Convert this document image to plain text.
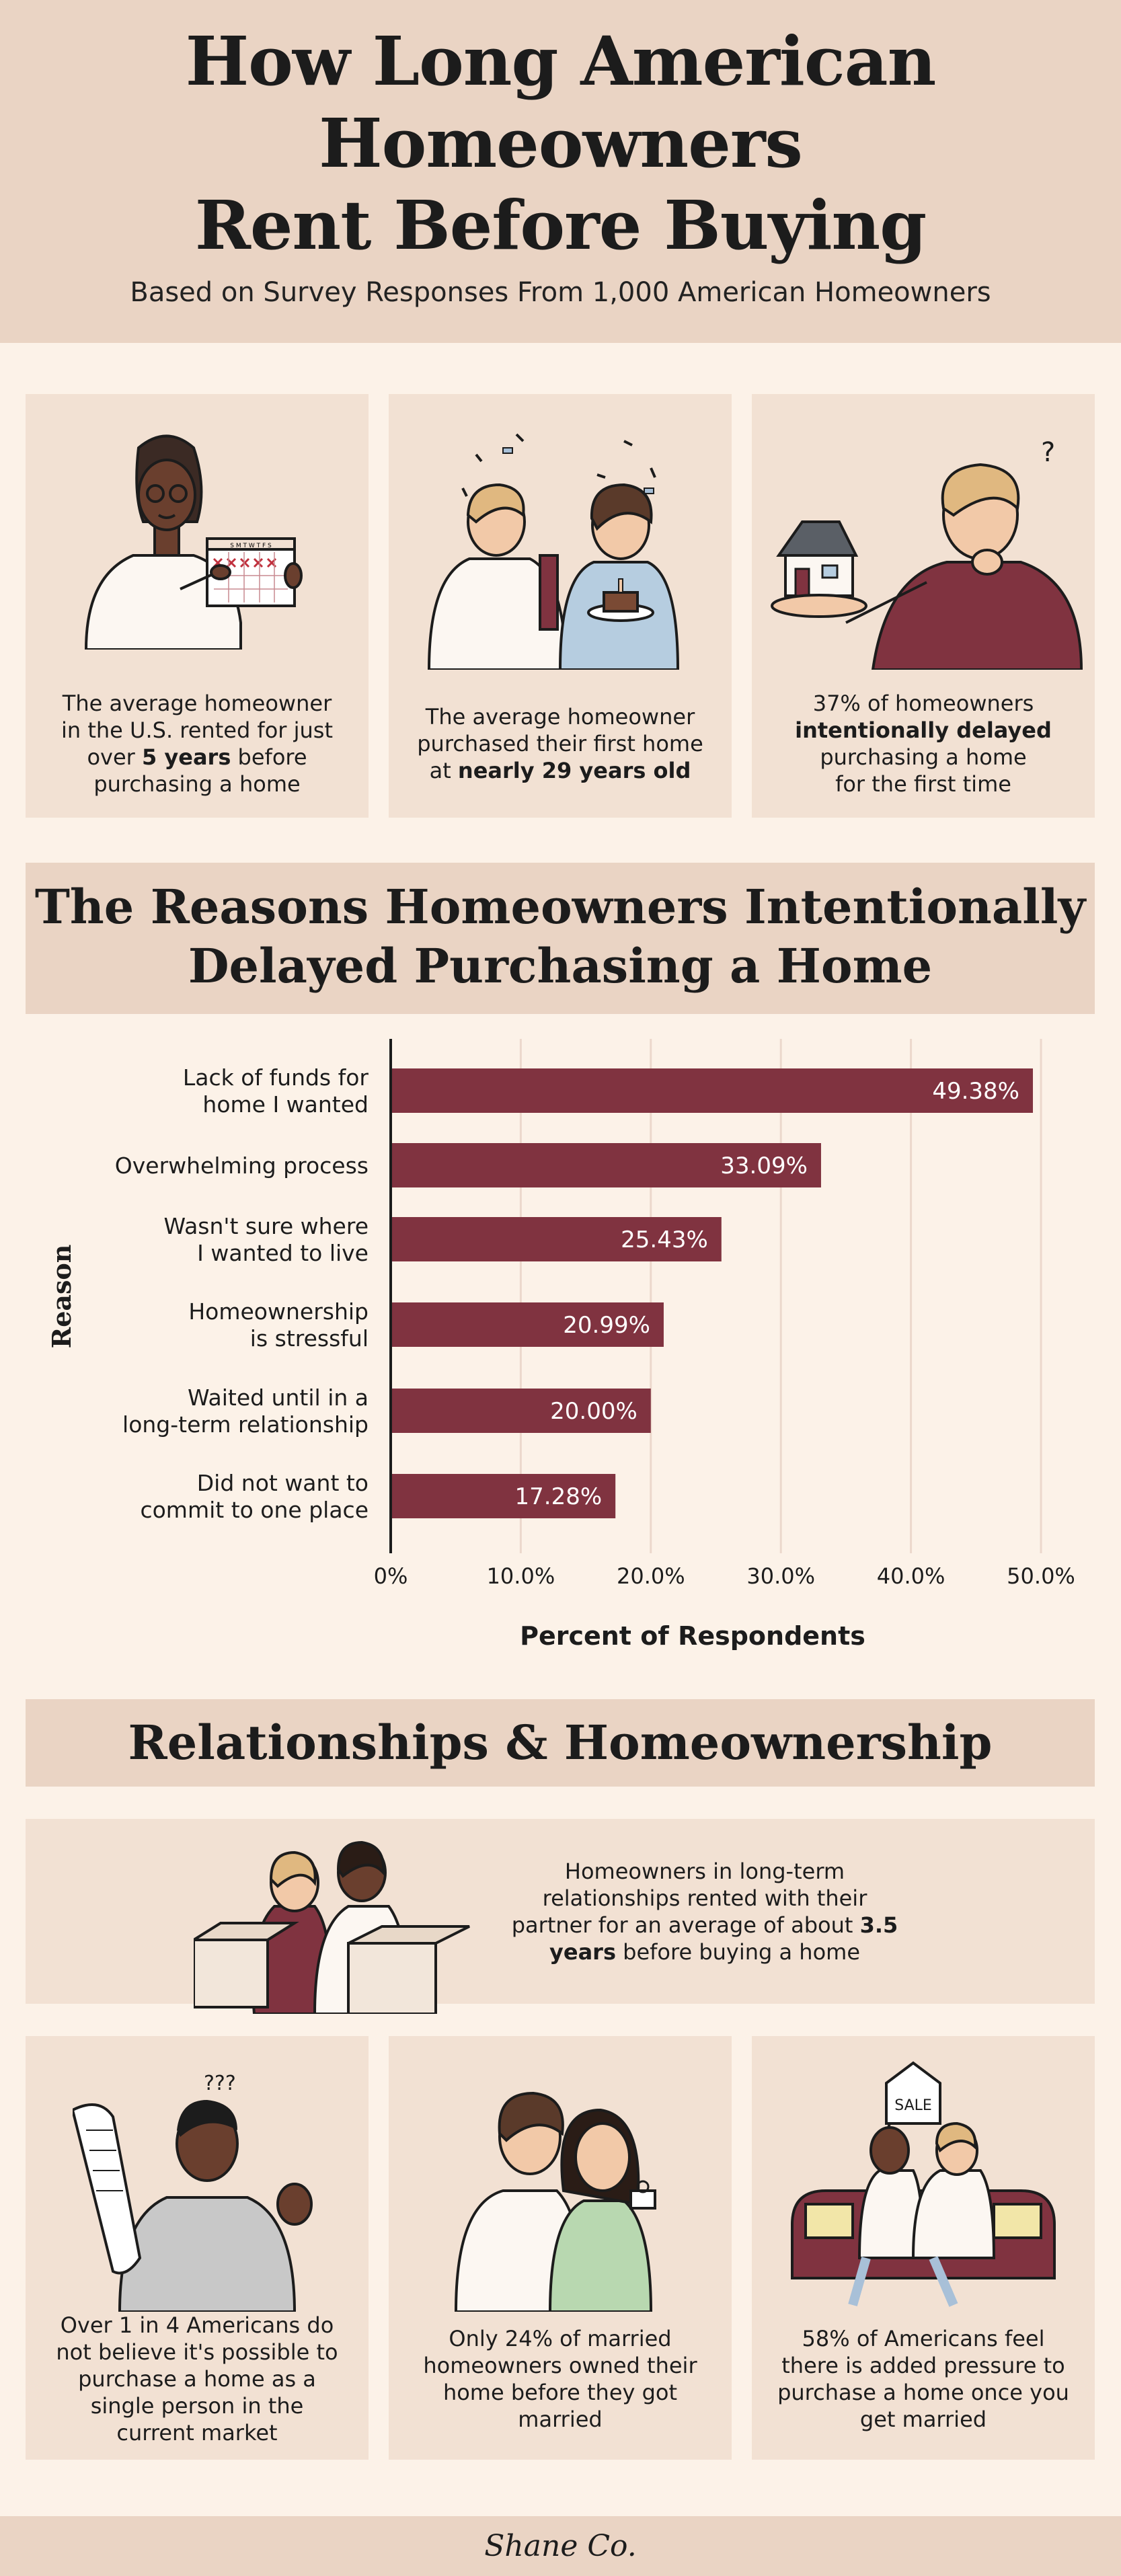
How Long American
Homeowners
Rent Before Buying
Based on Survey Responses From 1,000 American Homeowners
S M T W T F S
The average homeowner
in the U.S. rented for just
over 5 years before
purchasing a home
The average homeowner
purchased their first home
at nearly 29 years old
?
37% of homeowners
intentionally delayed
purchasing a home
for the first time
The Reasons Homeowners Intentionally
Delayed Purchasing a Home
49.38%
33.09%
25.43%
20.99%
20.00%
17.28%
Lack of funds for
home I wanted
Overwhelming process
Wasn't sure where
I wanted to live
Homeownership
is stressful
Waited until in a
long-term relationship
Did not want to
commit to one place
0%	10.0%	20.0%	30.0%	40.0%	50.0%
Percent of Respondents
Reason
Relationships & Homeownership
Homeowners in long-term
relationships rented with their
partner for an average of about 3.5
years before buying a home
???
Over 1 in 4 Americans do
not believe it's possible to
purchase a home as a
single person in the
current market
Only 24% of married
homeowners owned their
home before they got
married
SALE
58% of Americans feel
there is added pressure to
purchase a home once you
get married
Shane Co.
